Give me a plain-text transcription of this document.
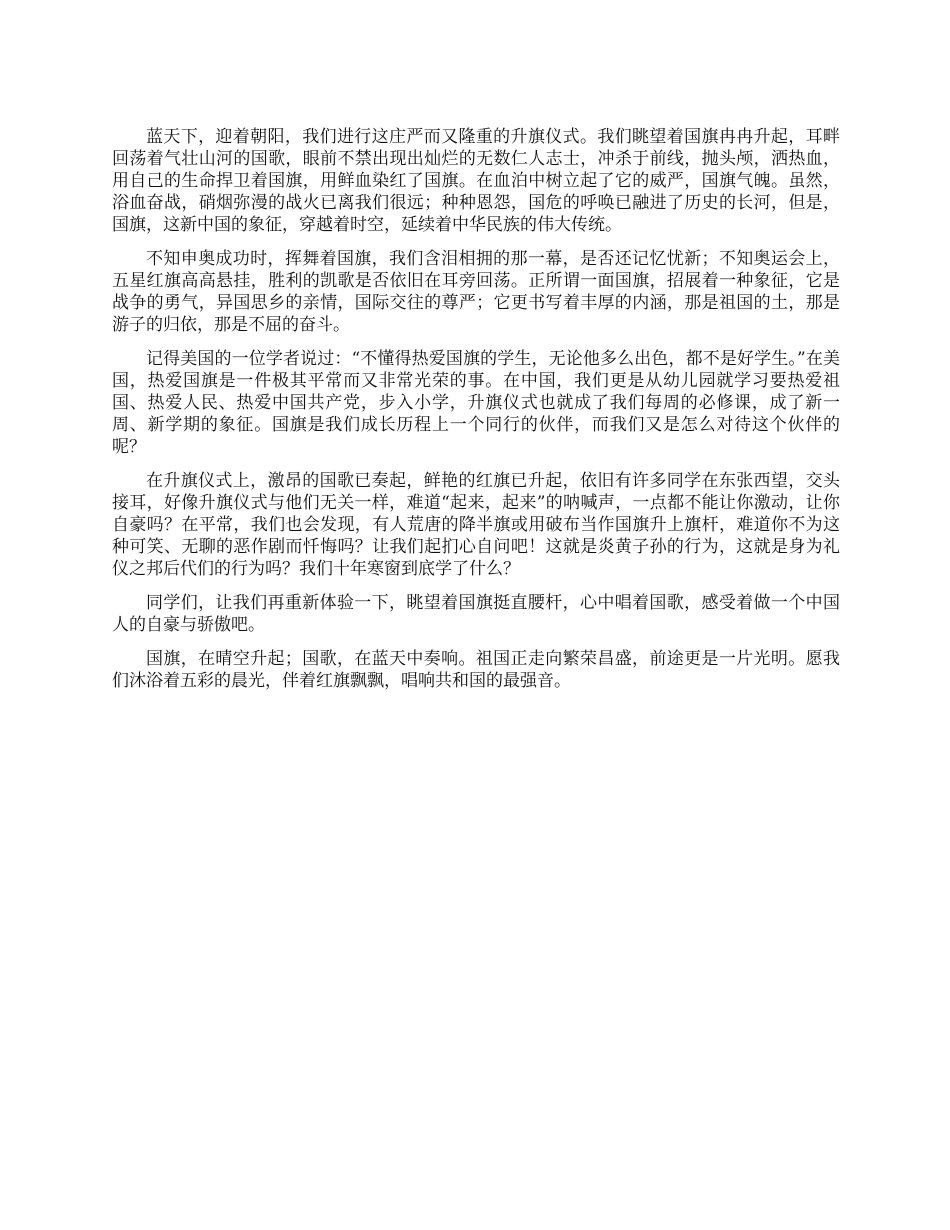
蓝天下，迎着朝阳，我们进行这庄严而又隆重的升旗仪式。我们眺望着国旗冉冉升起，耳畔回荡着气壮山河的国歌，眼前不禁出现出灿烂的无数仁人志士，冲杀于前线，抛头颅，洒热血，用自己的生命捍卫着国旗，用鲜血染红了国旗。在血泊中树立起了它的威严，国旗气魄。虽然，浴血奋战，硝烟弥漫的战火已离我们很远；种种恩怨，国危的呼唤已融进了历史的长河，但是，国旗，这新中国的象征，穿越着时空，延续着中华民族的伟大传统。

不知申奥成功时，挥舞着国旗，我们含泪相拥的那一幕，是否还记忆忧新；不知奥运会上，五星红旗高高悬挂，胜利的凯歌是否依旧在耳旁回荡。正所谓一面国旗，招展着一种象征，它是战争的勇气，异国思乡的亲情，国际交往的尊严；它更书写着丰厚的内涵，那是祖国的土，那是游子的归依，那是不屈的奋斗。

记得美国的一位学者说过：“不懂得热爱国旗的学生，无论他多么出色，都不是好学生。”在美国，热爱国旗是一件极其平常而又非常光荣的事。在中国，我们更是从幼儿园就学习要热爱祖国、热爱人民、热爱中国共产党，步入小学，升旗仪式也就成了我们每周的必修课，成了新一周、新学期的象征。国旗是我们成长历程上一个同行的伙伴，而我们又是怎么对待这个伙伴的呢？

在升旗仪式上，激昂的国歌已奏起，鲜艳的红旗已升起，依旧有许多同学在东张西望，交头接耳，好像升旗仪式与他们无关一样，难道“起来，起来”的呐喊声，一点都不能让你激动，让你自豪吗？在平常，我们也会发现，有人荒唐的降半旗或用破布当作国旗升上旗杆，难道你不为这种可笑、无聊的恶作剧而忏悔吗？让我们起扪心自问吧！这就是炎黄子孙的行为，这就是身为礼仪之邦后代们的行为吗？我们十年寒窗到底学了什么？

同学们，让我们再重新体验一下，眺望着国旗挺直腰杆，心中唱着国歌，感受着做一个中国人的自豪与骄傲吧。

国旗，在晴空升起；国歌，在蓝天中奏响。祖国正走向繁荣昌盛，前途更是一片光明。愿我们沐浴着五彩的晨光，伴着红旗飘飘，唱响共和国的最强音。
